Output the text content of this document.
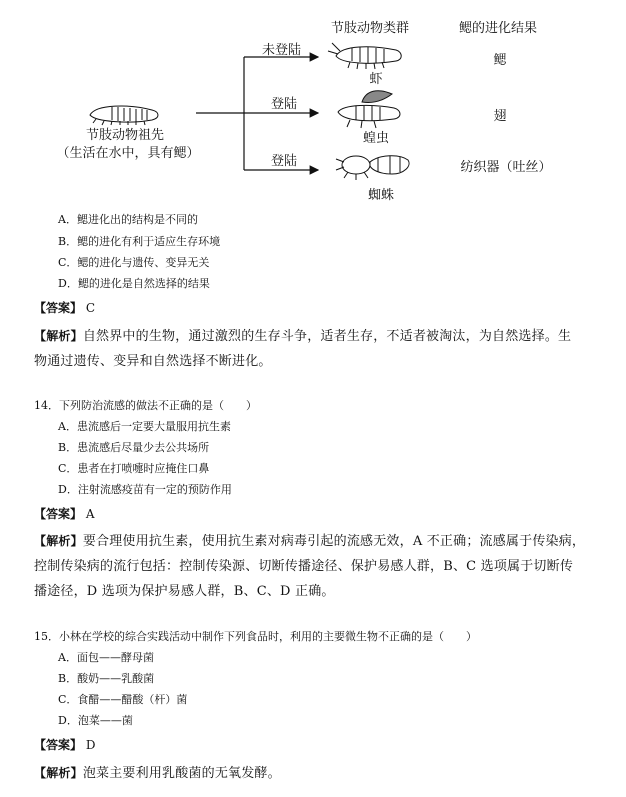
节肢动物类群	鳃的进化结果
未登陆
登陆
登陆
虾
蝗虫
蜘蛛
鳃
翅
纺织器（吐丝）
节肢动物祖先
（生活在水中，具有鳃）
A．鳃进化出的结构是不同的
B．鳃的进化有利于适应生存环境
C．鳃的进化与遗传、变异无关
D．鳃的进化是自然选择的结果
【答案】 C
【解析】自然界中的生物，通过激烈的生存斗争，适者生存，不适者被淘汰，为自然选择。生
物通过遗传、变异和自然选择不断进化。
14．下列防治流感的做法不正确的是（　　）
A．患流感后一定要大量服用抗生素
B．患流感后尽量少去公共场所
C．患者在打喷嚏时应掩住口鼻
D．注射流感疫苗有一定的预防作用
【答案】 A
【解析】要合理使用抗生素，使用抗生素对病毒引起的流感无效，A 不正确；流感属于传染病，
控制传染病的流行包括：控制传染源、切断传播途径、保护易感人群，B、C 选项属于切断传
播途径，D 选项为保护易感人群，B、C、D 正确。
15．小林在学校的综合实践活动中制作下列食品时，利用的主要微生物不正确的是（　　）
A．面包——酵母菌
B．酸奶——乳酸菌
C．食醋——醋酸（杆）菌
D．泡菜——菌
【答案】 D
【解析】泡菜主要利用乳酸菌的无氧发酵。
